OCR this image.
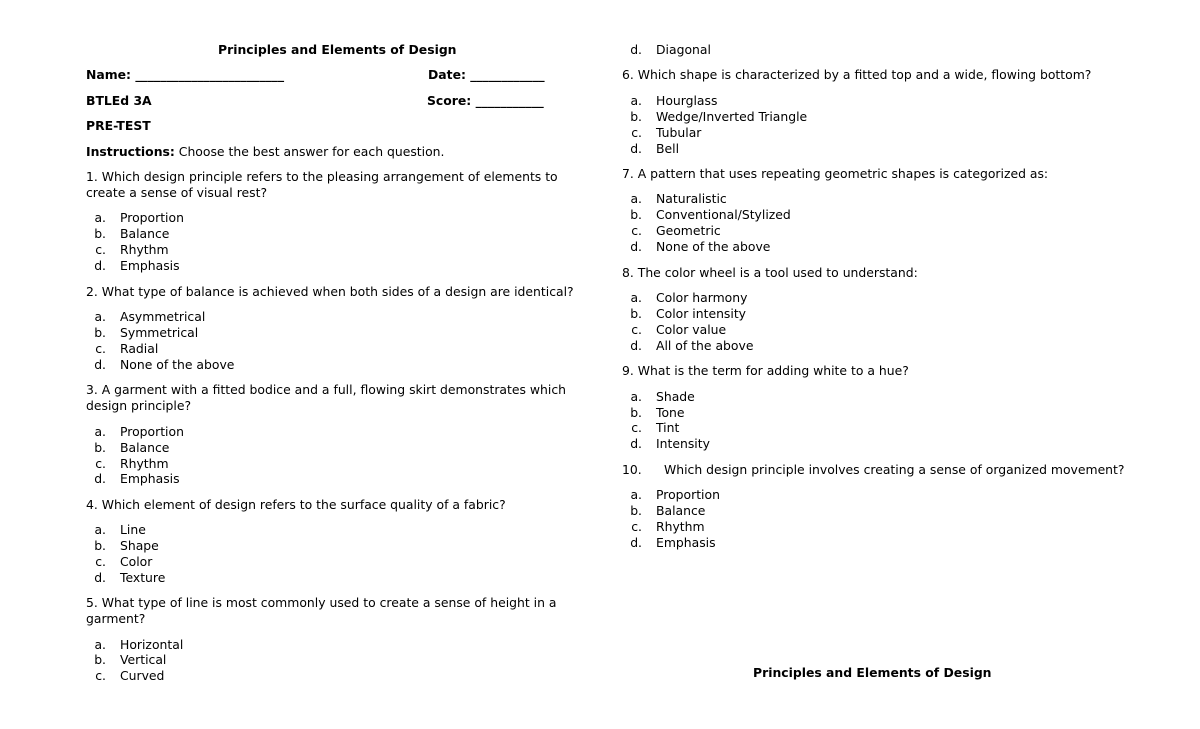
Principles and Elements of Design
Name: ________________________	Date: ____________
BTLEd 3A	Score: ___________
PRE-TEST
Instructions: Choose the best answer for each question.
1. Which design principle refers to the pleasing arrangement of elements to
create a sense of visual rest?
a. Proportion
b. Balance
c. Rhythm
d. Emphasis
2. What type of balance is achieved when both sides of a design are identical?
a. Asymmetrical
b. Symmetrical
c. Radial
d. None of the above
3. A garment with a fitted bodice and a full, flowing skirt demonstrates which
design principle?
a. Proportion
b. Balance
c. Rhythm
d. Emphasis
4. Which element of design refers to the surface quality of a fabric?
a. Line
b. Shape
c. Color
d. Texture
5. What type of line is most commonly used to create a sense of height in a
garment?
a. Horizontal
b. Vertical
c. Curved
d. Diagonal
6. Which shape is characterized by a fitted top and a wide, flowing bottom?
a. Hourglass
b. Wedge/Inverted Triangle
c. Tubular
d. Bell
7. A pattern that uses repeating geometric shapes is categorized as:
a. Naturalistic
b. Conventional/Stylized
c. Geometric
d. None of the above
8. The color wheel is a tool used to understand:
a. Color harmony
b. Color intensity
c. Color value
d. All of the above
9. What is the term for adding white to a hue?
a. Shade
b. Tone
c. Tint
d. Intensity
10. Which design principle involves creating a sense of organized movement?
a. Proportion
b. Balance
c. Rhythm
d. Emphasis
Principles and Elements of Design
